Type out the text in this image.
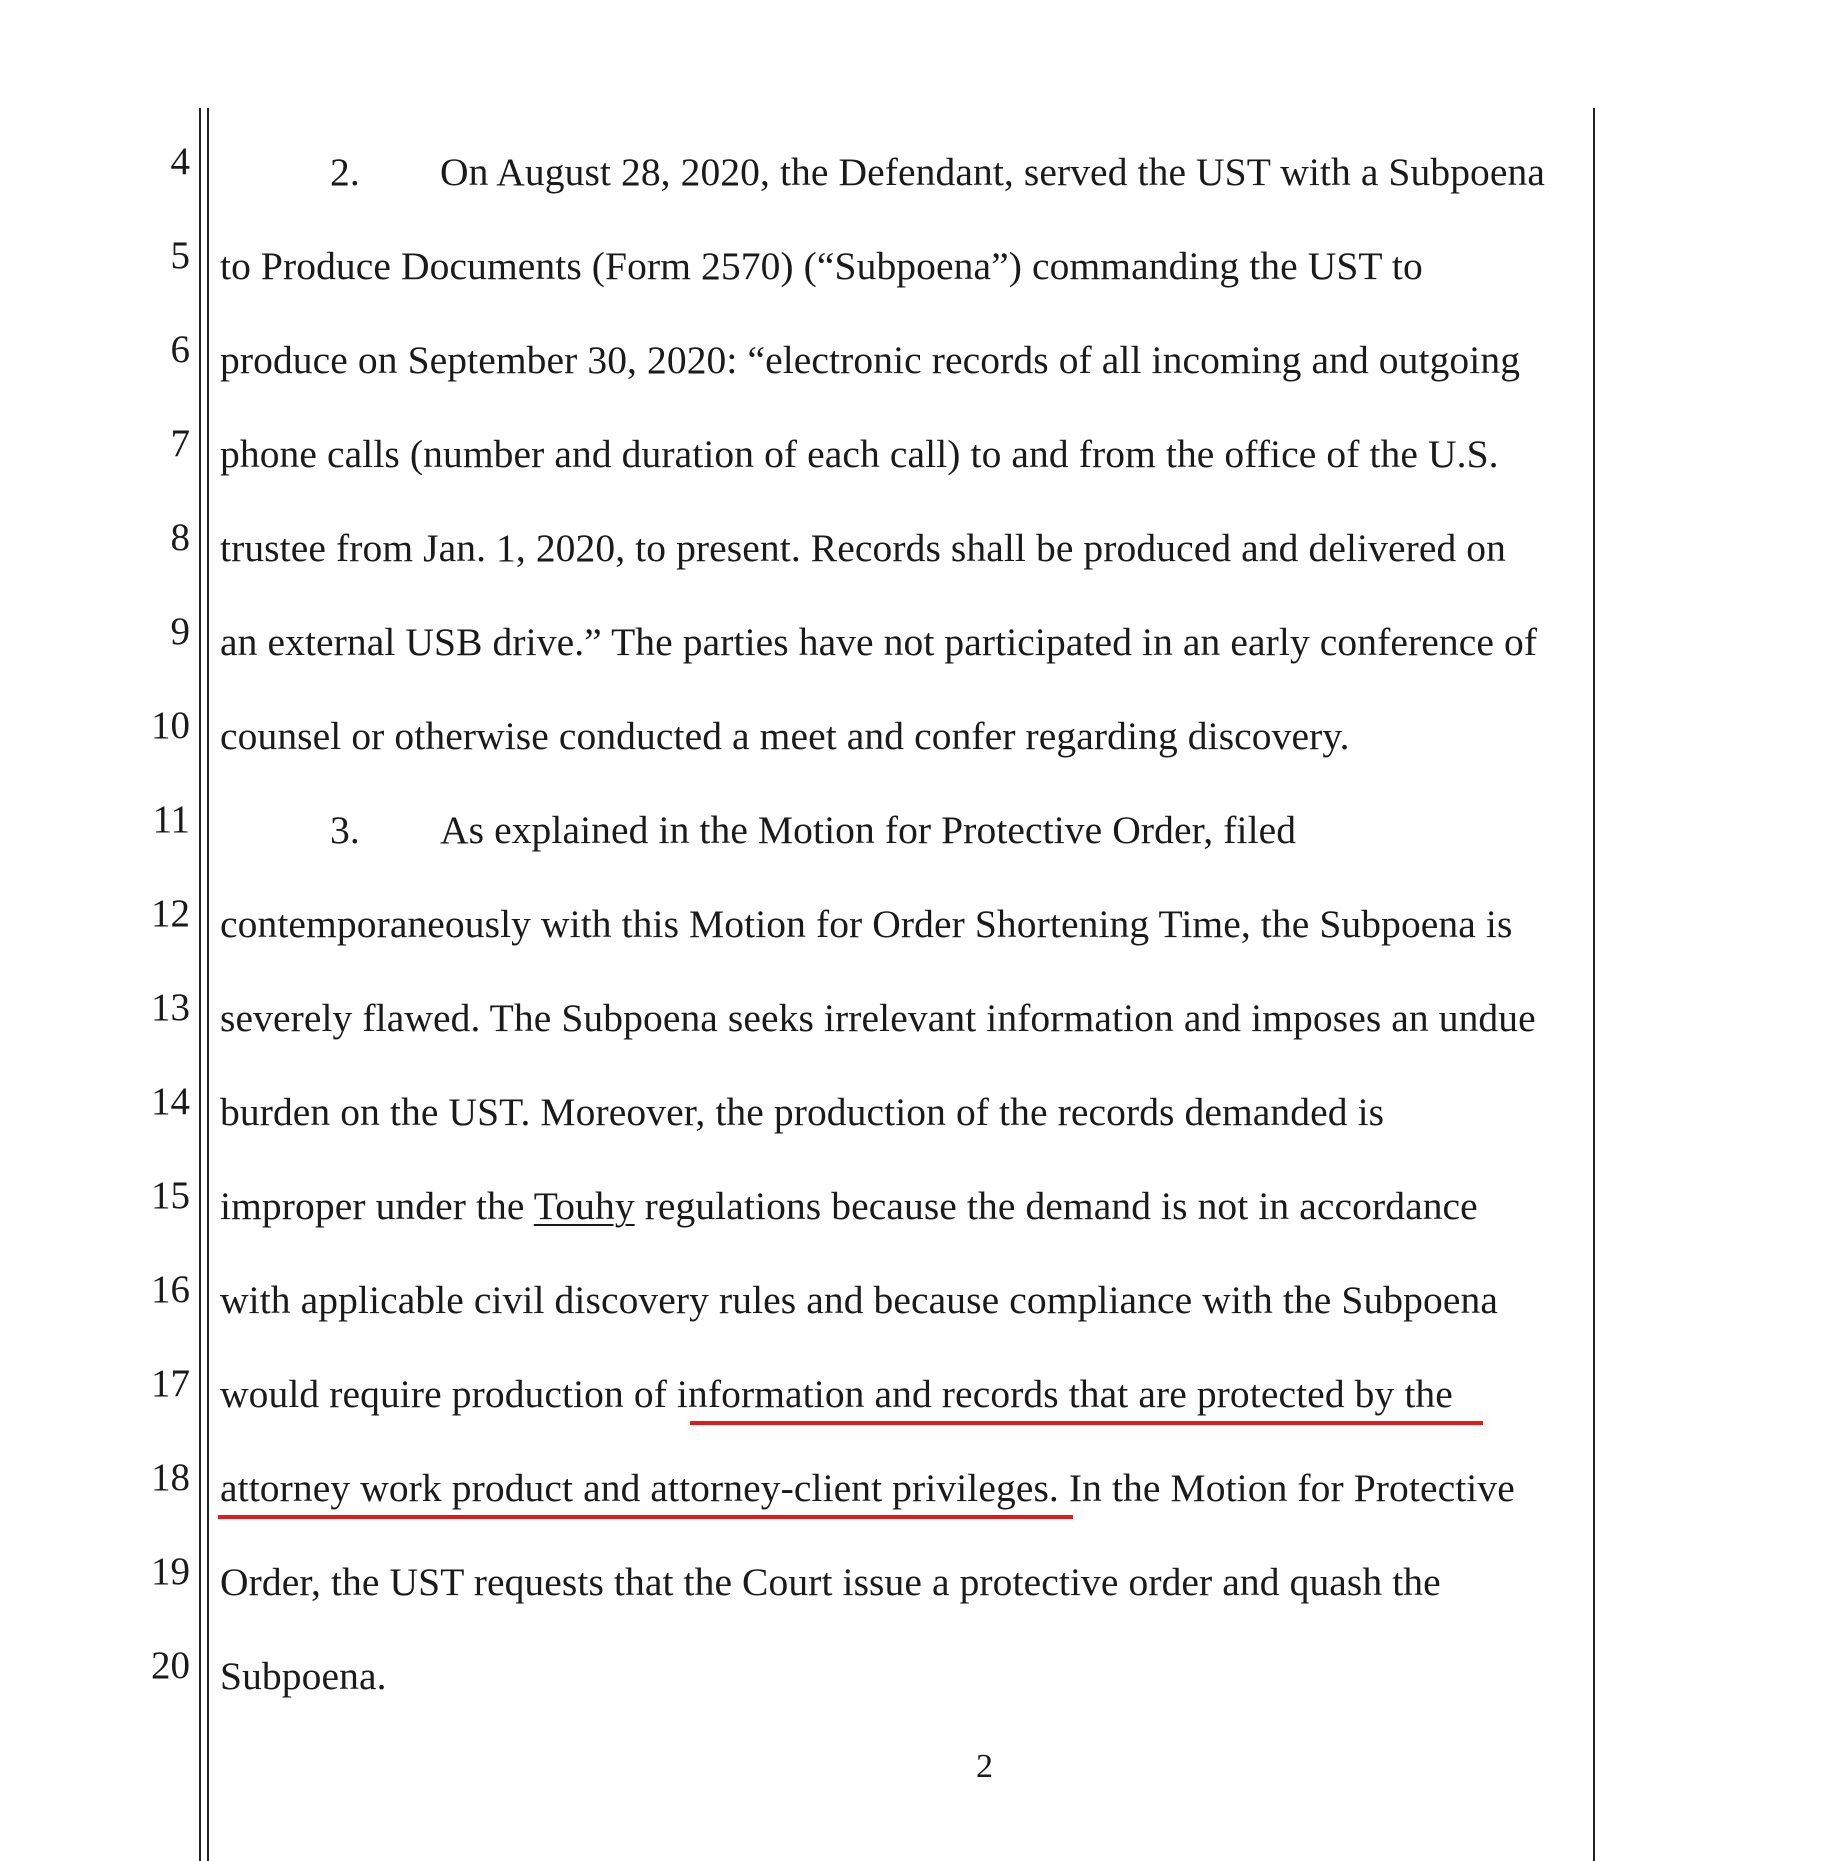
4
5
6
7
8
9
10
11
12
13
14
15
16
17
18
19
20
2. On August 28, 2020, the Defendant, served the UST with a Subpoena
to Produce Documents (Form 2570) (“Subpoena”) commanding the UST to
produce on September 30, 2020: “electronic records of all incoming and outgoing
phone calls (number and duration of each call) to and from the office of the U.S.
trustee from Jan. 1, 2020, to present. Records shall be produced and delivered on
an external USB drive.” The parties have not participated in an early conference of
counsel or otherwise conducted a meet and confer regarding discovery.
3. As explained in the Motion for Protective Order, filed
contemporaneously with this Motion for Order Shortening Time, the Subpoena is
severely flawed. The Subpoena seeks irrelevant information and imposes an undue
burden on the UST. Moreover, the production of the records demanded is
improper under the Touhy regulations because the demand is not in accordance
with applicable civil discovery rules and because compliance with the Subpoena
would require production of information and records that are protected by the
attorney work product and attorney-client privileges. In the Motion for Protective
Order, the UST requests that the Court issue a protective order and quash the
Subpoena.
2
